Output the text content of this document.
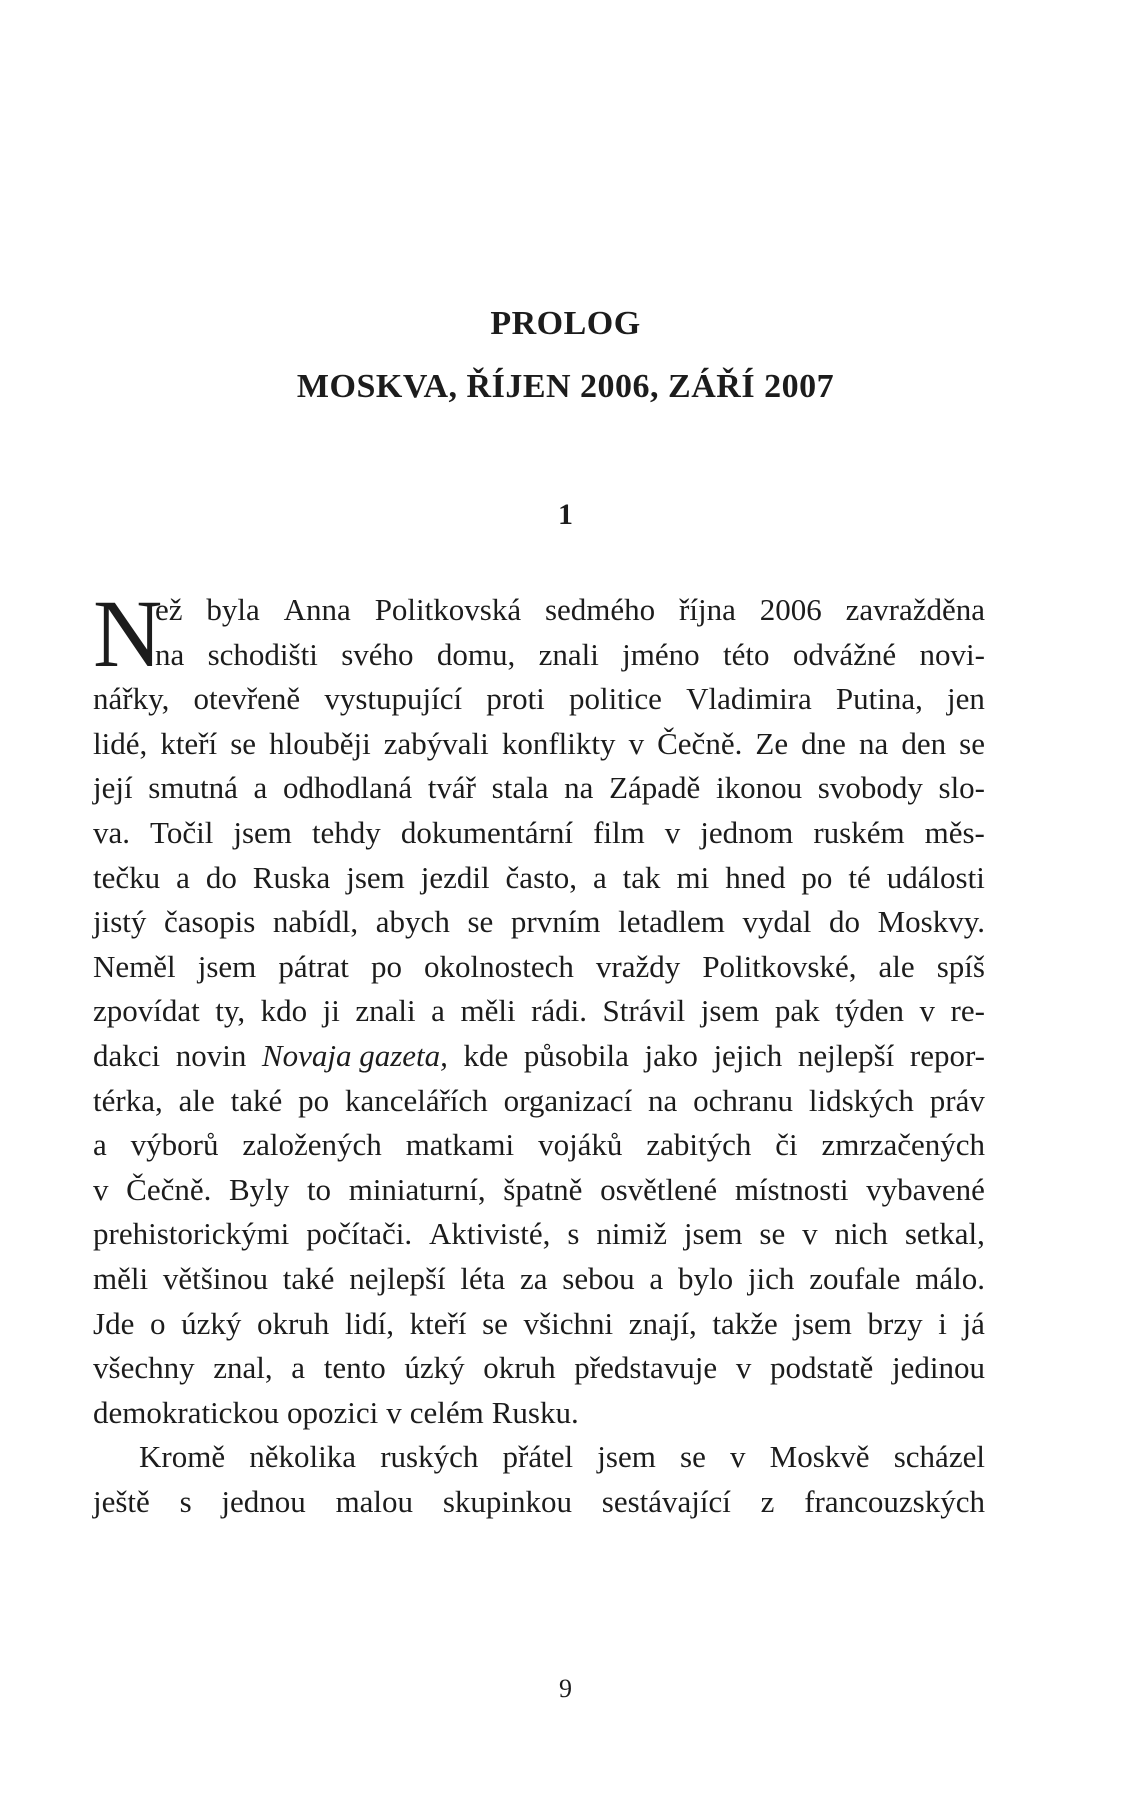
PROLOG
MOSKVA, ŘÍJEN 2006, ZÁŘÍ 2007
1
N
ež byla Anna Politkovská sedmého října 2006 zavražděna
na schodišti svého domu, znali jméno této odvážné novi-
nářky, otevřeně vystupující proti politice Vladimira Putina, jen
lidé, kteří se hlouběji zabývali konflikty v Čečně. Ze dne na den se
její smutná a odhodlaná tvář stala na Západě ikonou svobody slo-
va. Točil jsem tehdy dokumentární film v jednom ruském měs-
tečku a do Ruska jsem jezdil často, a tak mi hned po té události
jistý časopis nabídl, abych se prvním letadlem vydal do Moskvy.
Neměl jsem pátrat po okolnostech vraždy Politkovské, ale spíš
zpovídat ty, kdo ji znali a měli rádi. Strávil jsem pak týden v re-
dakci novin Novaja gazeta, kde působila jako jejich nejlepší repor-
térka, ale také po kancelářích organizací na ochranu lidských práv
a výborů založených matkami vojáků zabitých či zmrzačených
v Čečně. Byly to miniaturní, špatně osvětlené místnosti vybavené
prehistorickými počítači. Aktivisté, s nimiž jsem se v nich setkal,
měli většinou také nejlepší léta za sebou a bylo jich zoufale málo.
Jde o úzký okruh lidí, kteří se všichni znají, takže jsem brzy i já
všechny znal, a tento úzký okruh představuje v podstatě jedinou
demokratickou opozici v celém Rusku.
Kromě několika ruských přátel jsem se v Moskvě scházel
ještě s jednou malou skupinkou sestávající z francouzských
9
